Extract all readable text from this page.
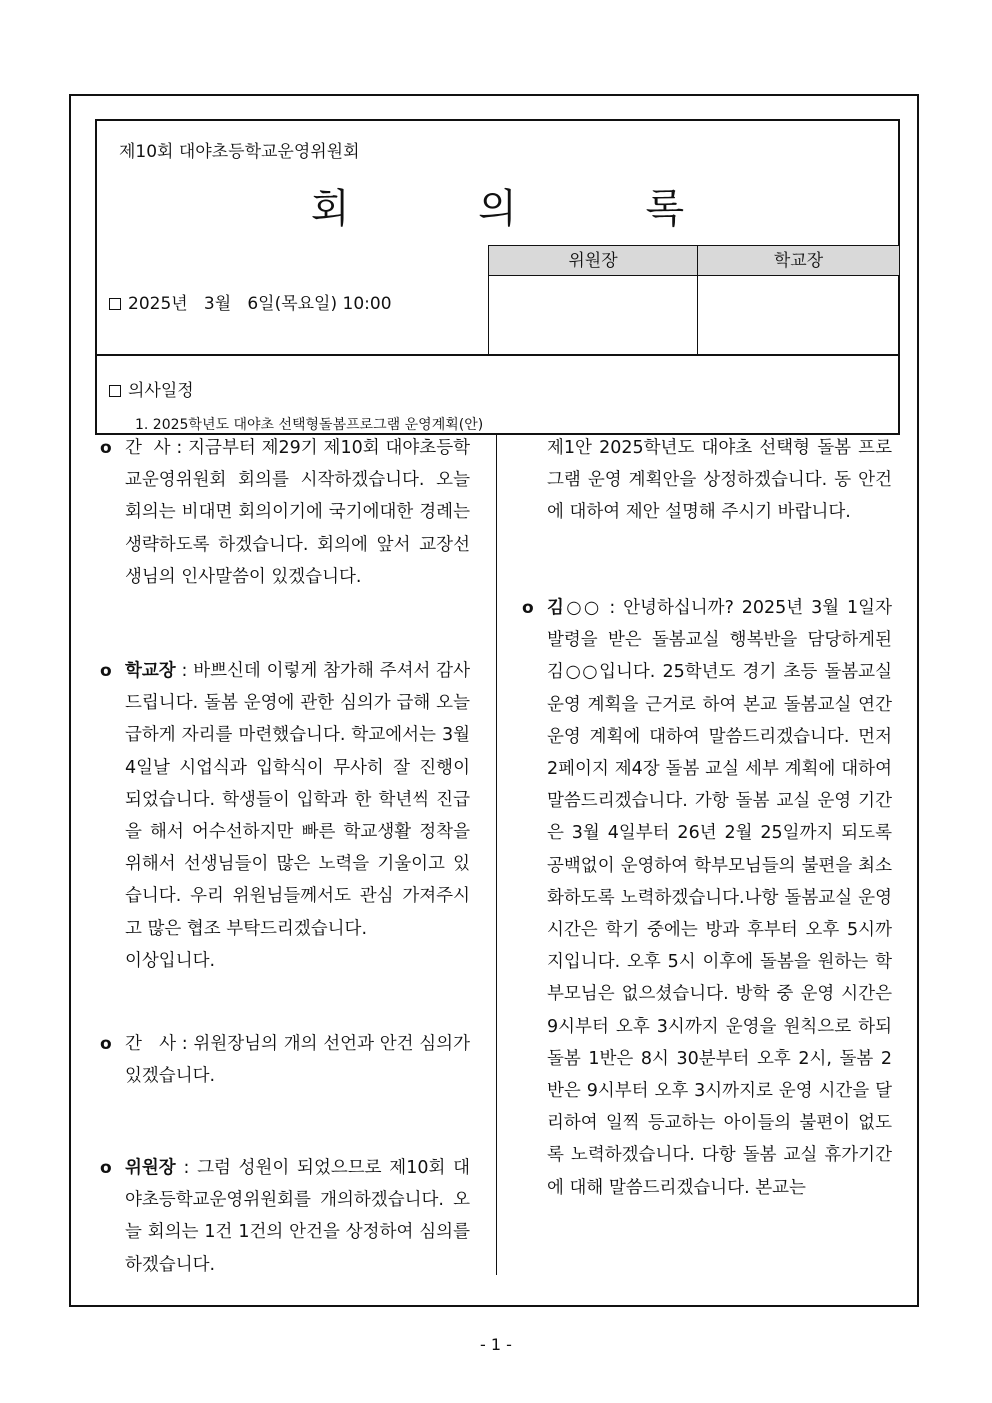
제10회 대야초등학교운영위원회
회 의 록
위원장	학교장
2025년   3월   6일(목요일) 10:00
의사일정
1. 2025학년도 대야초 선택형돌봄프로그램 운영계획(안)
o 간  사 : 지금부터 제29기 제10회 대야초등학교운영위원회 회의를 시작하겠습니다. 오늘 회의는 비대면 회의이기에 국기에대한 경례는 생략하도록 하겠습니다. 회의에 앞서 교장선생님의 인사말씀이 있겠습니다.
o 학교장 : 바쁘신데 이렇게 참가해 주셔서 감사드립니다. 돌봄 운영에 관한 심의가 급해 오늘 급하게 자리를 마련했습니다. 학교에서는 3월 4일날 시업식과 입학식이 무사히 잘 진행이 되었습니다. 학생들이 입학과 한 학년씩 진급을 해서 어수선하지만 빠른 학교생활 정착을 위해서 선생님들이 많은 노력을 기울이고 있습니다. 우리 위원님들께서도 관심 가져주시고 많은 협조 부탁드리겠습니다.
이상입니다.
o 간   사 : 위원장님의 개의 선언과 안건 심의가 있겠습니다.
o 위원장 : 그럼 성원이 되었으므로 제10회 대야초등학교운영위원회를 개의하겠습니다. 오늘 회의는 1건 1건의 안건을 상정하여 심의를 하겠습니다.
제1안 2025학년도 대야초 선택형 돌봄 프로그램 운영 계획안을 상정하겠습니다. 동 안건에 대하여 제안 설명해 주시기 바랍니다.
o 김○○ : 안녕하십니까? 2025년 3월 1일자 발령을 받은 돌봄교실 행복반을 담당하게된 김○○입니다. 25학년도 경기 초등 돌봄교실 운영 계획을 근거로 하여 본교 돌봄교실 연간 운영 계획에 대하여 말씀드리겠습니다. 먼저 2페이지 제4장 돌봄 교실 세부 계획에 대하여 말씀드리겠습니다. 가항 돌봄 교실 운영 기간은 3월 4일부터 26년 2월 25일까지 되도록 공백없이 운영하여 학부모님들의 불편을 최소화하도록 노력하겠습니다.나항 돌봄교실 운영 시간은 학기 중에는 방과 후부터 오후 5시까지입니다. 오후 5시 이후에 돌봄을 원하는 학부모님은 없으셨습니다. 방학 중 운영 시간은 9시부터 오후 3시까지 운영을 원칙으로 하되 돌봄 1반은 8시 30분부터 오후 2시, 돌봄 2반은 9시부터 오후 3시까지로 운영 시간을 달리하여 일찍 등교하는 아이들의 불편이 없도록 노력하겠습니다. 다항 돌봄 교실 휴가기간에 대해 말씀드리겠습니다. 본교는
- 1 -
